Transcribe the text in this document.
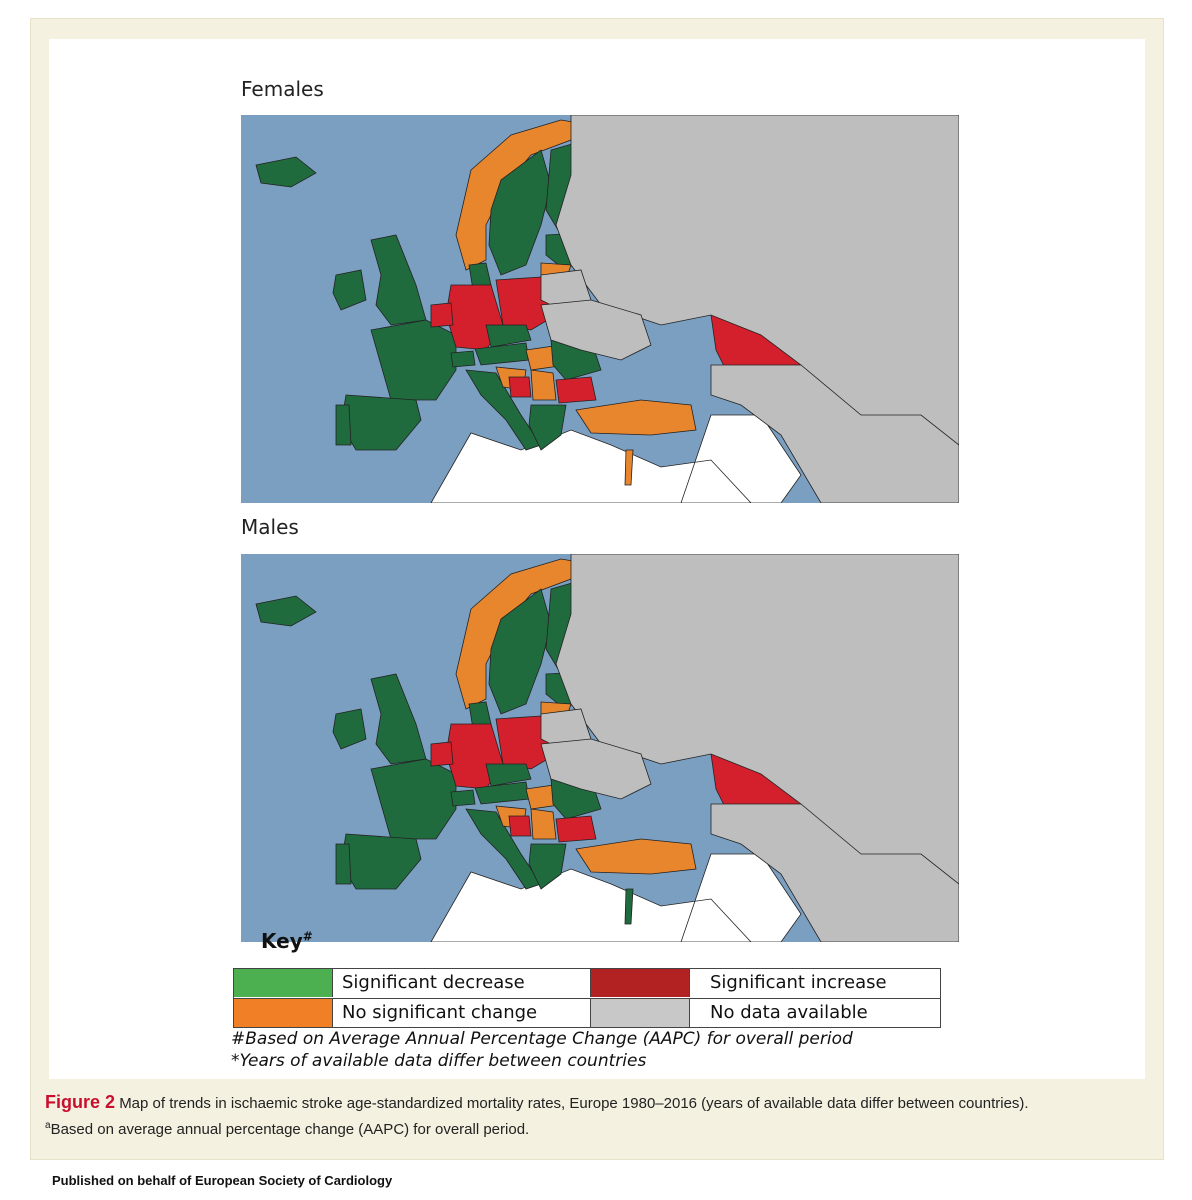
Females
Males
Key#
Significant decrease	Significant increase
No significant change	No data available
#Based on Average Annual Percentage Change (AAPC) for overall period
*Years of available data differ between countries
Figure 2 Map of trends in ischaemic stroke age-standardized mortality rates, Europe 1980–2016 (years of available data differ between countries).
$^a$Based on average annual percentage change (AAPC) for overall period.
Published on behalf of European Society of Cardiology
